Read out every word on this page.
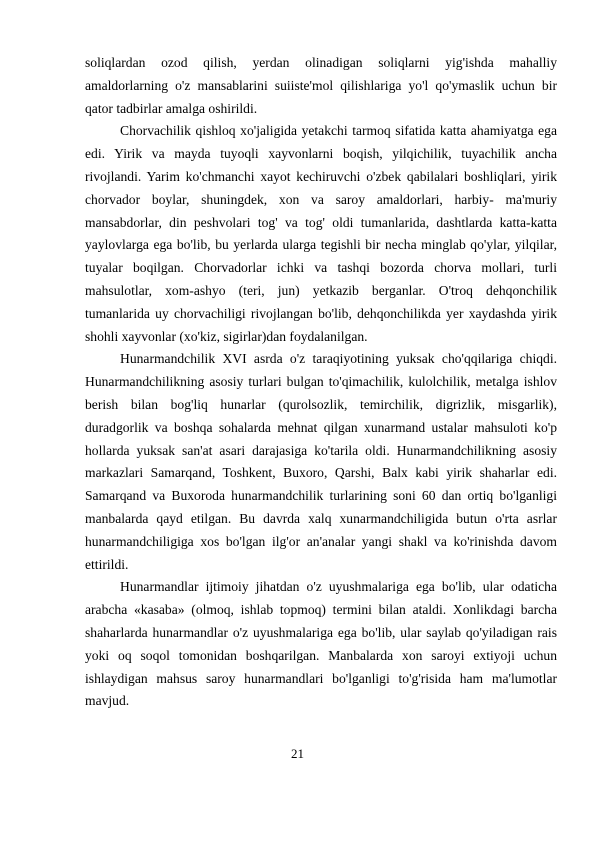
soliqlardan ozod qilish, yerdan olinadigan soliqlarni yig'ishda mahalliy amaldorlarning o'z mansablarini suiiste'mol qilishlariga yo'l qo'ymaslik uchun bir qator tadbirlar amalga oshirildi.

Chorvachilik qishloq xo'jaligida yetakchi tarmoq sifatida katta ahamiyatga ega edi. Yirik va mayda tuyoqli xayvonlarni boqish, yilqichilik, tuyachilik ancha rivojlandi. Yarim ko'chmanchi xayot kechiruvchi o'zbek qabilalari boshliqlari, yirik chorvador boylar, shuningdek, xon va saroy amaldorlari, harbiy- ma'muriy mansabdorlar, din peshvolari tog' va tog' oldi tumanlarida, dashtlarda katta-katta yaylovlarga ega bo'lib, bu yerlarda ularga tegishli bir necha minglab qo'ylar, yilqilar, tuyalar boqilgan. Chorvadorlar ichki va tashqi bozorda chorva mollari, turli mahsulotlar, xom-ashyo (teri, jun) yetkazib berganlar. O'troq dehqonchilik tumanlarida uy chorvachiligi rivojlangan bo'lib, dehqonchilikda yer xaydashda yirik shohli xayvonlar (xo'kiz, sigirlar)dan foydalanilgan.

Hunarmandchilik XVI asrda o'z taraqiyotining yuksak cho'qqilariga chiqdi. Hunarmandchilikning asosiy turlari bulgan to'qimachilik, kulolchilik, metalga ishlov berish bilan bog'liq hunarlar (qurolsozlik, temirchilik, digrizlik, misgarlik), duradgorlik va boshqa sohalarda mehnat qilgan xunarmand ustalar mahsuloti ko'p hollarda yuksak san'at asari darajasiga ko'tarila oldi. Hunarmandchilikning asosiy markazlari Samarqand, Toshkent, Buxoro, Qarshi, Balx kabi yirik shaharlar edi. Samarqand va Buxoroda hunarmandchilik turlarining soni 60 dan ortiq bo'lganligi manbalarda qayd etilgan. Bu davrda xalq xunarmandchiligida butun o'rta asrlar hunarmandchiligiga xos bo'lgan ilg'or an'analar yangi shakl va ko'rinishda davom ettirildi.

Hunarmandlar ijtimoiy jihatdan o'z uyushmalariga ega bo'lib, ular odaticha arabcha «kasaba» (olmoq, ishlab topmoq) termini bilan ataldi. Xonlikdagi barcha shaharlarda hunarmandlar o'z uyushmalariga ega bo'lib, ular saylab qo'yiladigan rais yoki oq soqol tomonidan boshqarilgan. Manbalarda xon saroyi extiyoji uchun ishlaydigan mahsus saroy hunarmandlari bo'lganligi to'g'risida ham ma'lumotlar mavjud.

21
